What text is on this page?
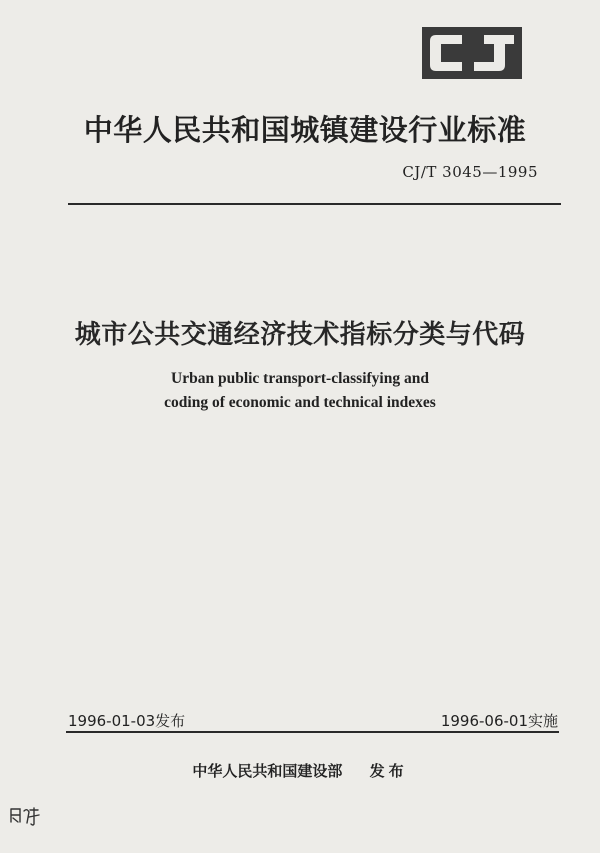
中华人民共和国城镇建设行业标准
CJ/T 3045—1995
城市公共交通经济技术指标分类与代码
Urban public transport-classifying and
coding of economic and technical indexes
1996-01-03发布	1996-06-01实施
中华人民共和国建设部 发布
